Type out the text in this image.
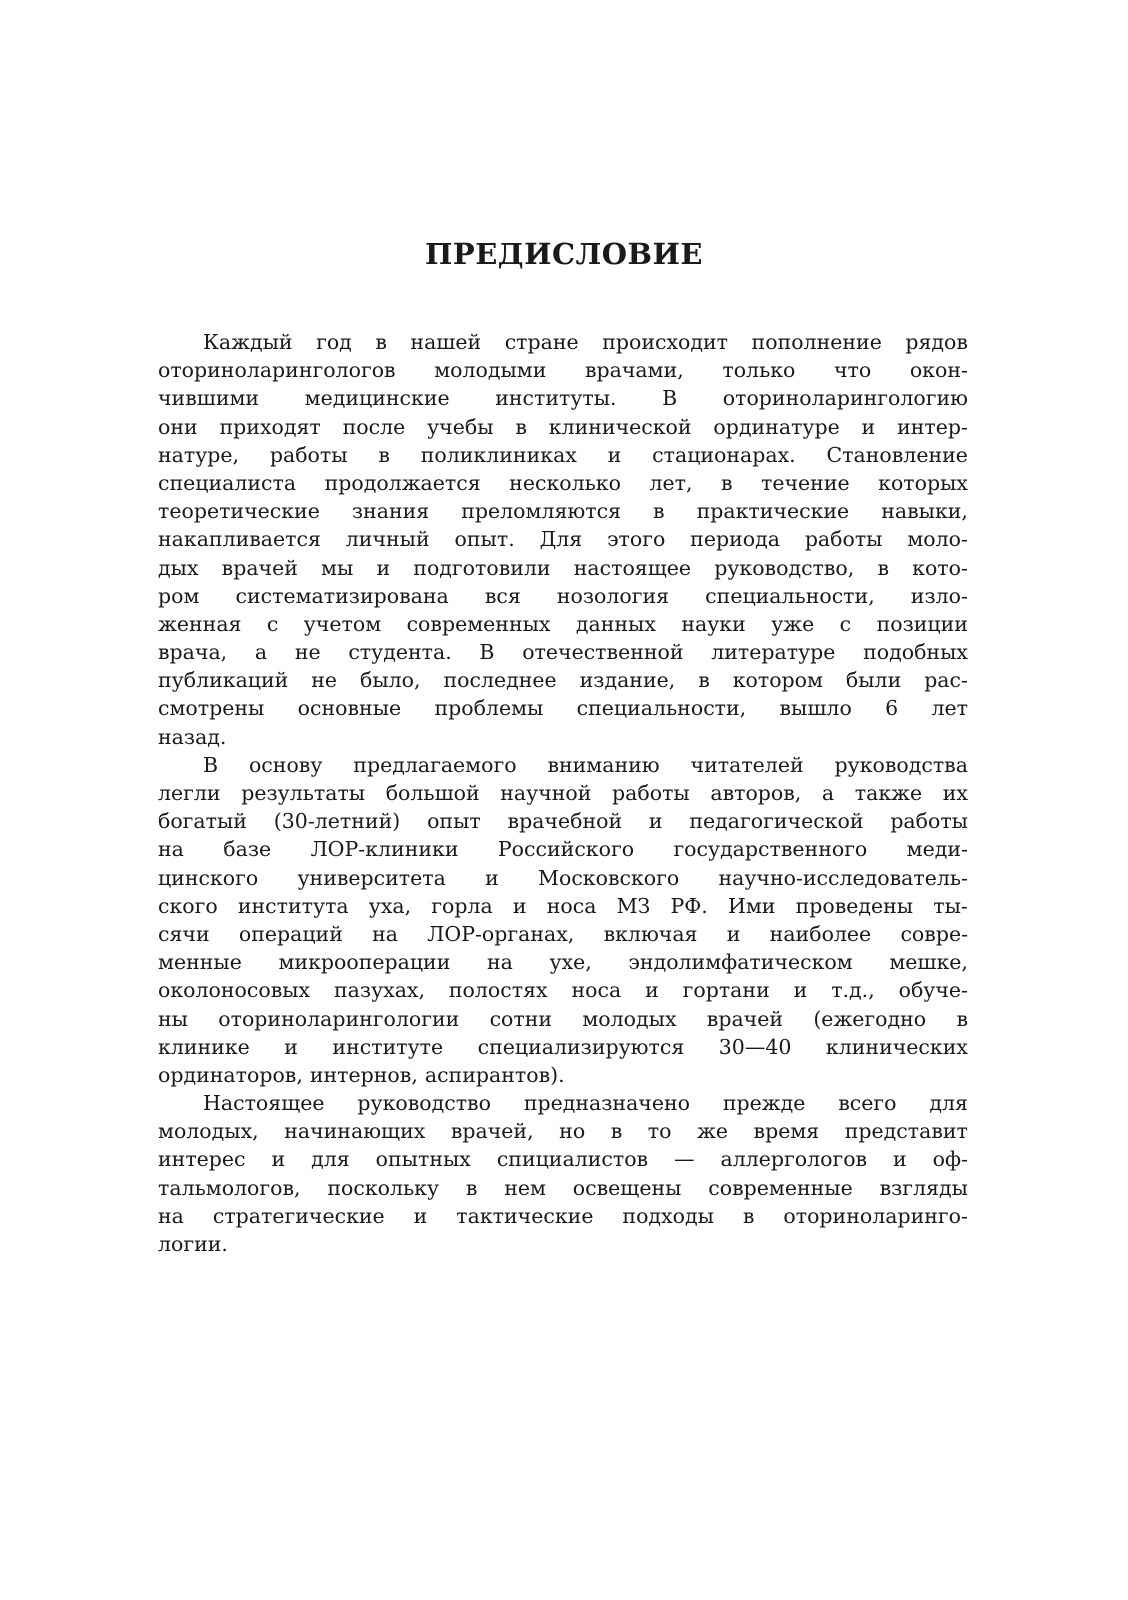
ПРЕДИСЛОВИЕ
Каждый год в нашей стране происходит пополнение рядов
оториноларингологов молодыми врачами, только что окон-
чившими медицинские институты. В оториноларингологию
они приходят после учебы в клинической ординатуре и интер-
натуре, работы в поликлиниках и стационарах. Становление
специалиста продолжается несколько лет, в течение которых
теоретические знания преломляются в практические навыки,
накапливается личный опыт. Для этого периода работы моло-
дых врачей мы и подготовили настоящее руководство, в кото-
ром систематизирована вся нозология специальности, изло-
женная с учетом современных данных науки уже с позиции
врача, а не студента. В отечественной литературе подобных
публикаций не было, последнее издание, в котором были рас-
смотрены основные проблемы специальности, вышло 6 лет
назад.
В основу предлагаемого вниманию читателей руководства
легли результаты большой научной работы авторов, а также их
богатый (30-летний) опыт врачебной и педагогической работы
на базе ЛОР-клиники Российского государственного меди-
цинского университета и Московского научно-исследователь-
ского института уха, горла и носа МЗ РФ. Ими проведены ты-
сячи операций на ЛОР-органах, включая и наиболее совре-
менные микрооперации на ухе, эндолимфатическом мешке,
околоносовых пазухах, полостях носа и гортани и т.д., обуче-
ны оториноларингологии сотни молодых врачей (ежегодно в
клинике и институте специализируются 30—40 клинических
ординаторов, интернов, аспирантов).
Настоящее руководство предназначено прежде всего для
молодых, начинающих врачей, но в то же время представит
интерес и для опытных спициалистов — аллергологов и оф-
тальмологов, поскольку в нем освещены современные взгляды
на стратегические и тактические подходы в оториноларинго-
логии.
